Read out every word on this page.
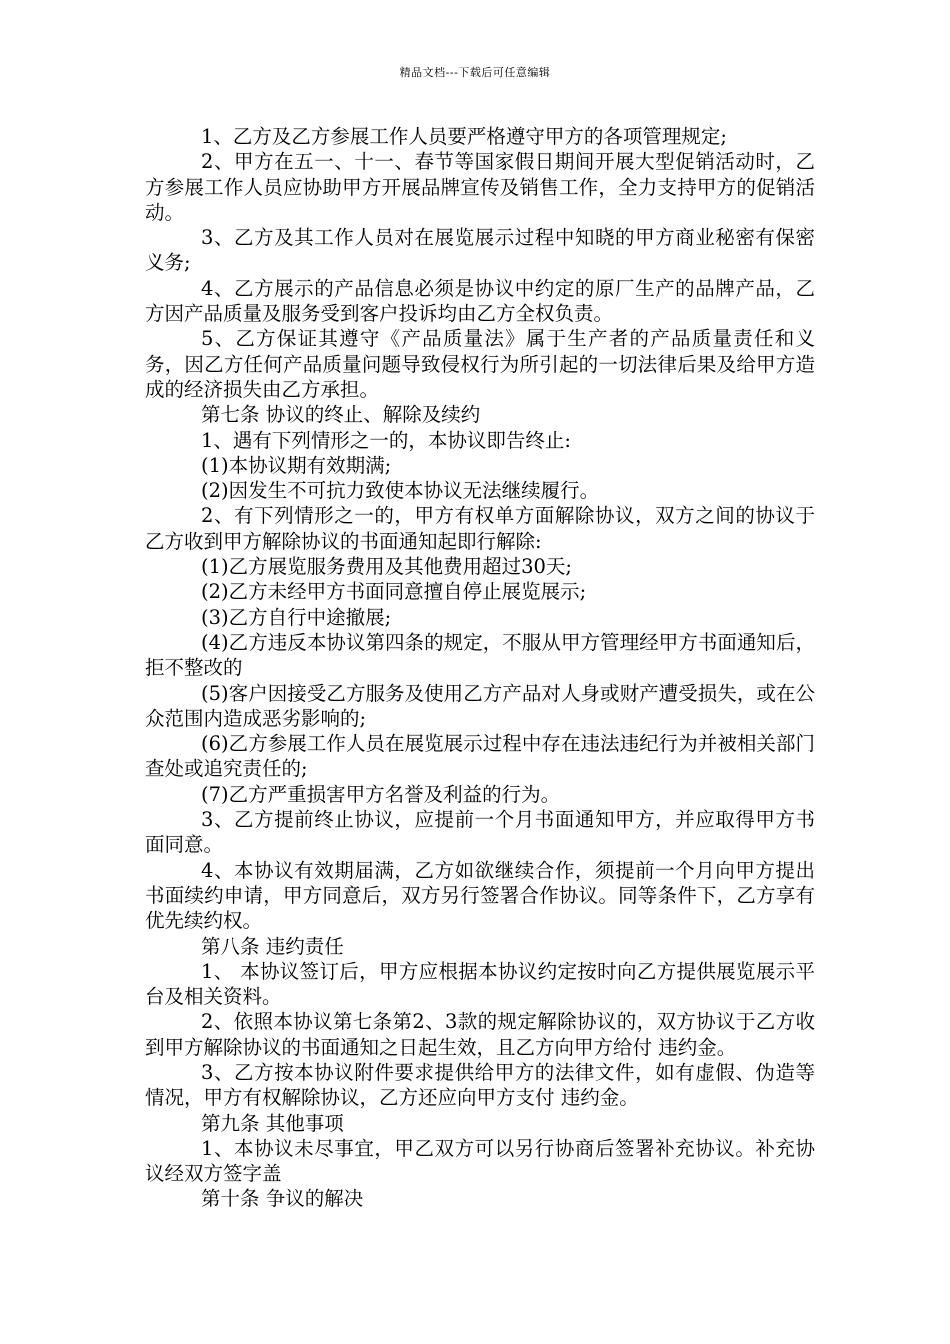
精品文档---下载后可任意编辑

1、乙方及乙方参展工作人员要严格遵守甲方的各项管理规定;

2、甲方在五一、十一、春节等国家假日期间开展大型促销活动时，乙方参展工作人员应协助甲方开展品牌宣传及销售工作，全力支持甲方的促销活动。

3、乙方及其工作人员对在展览展示过程中知晓的甲方商业秘密有保密义务;

4、乙方展示的产品信息必须是协议中约定的原厂生产的品牌产品，乙方因产品质量及服务受到客户投诉均由乙方全权负责。

5、乙方保证其遵守《产品质量法》属于生产者的产品质量责任和义务，因乙方任何产品质量问题导致侵权行为所引起的一切法律后果及给甲方造成的经济损失由乙方承担。

第七条 协议的终止、解除及续约

1、遇有下列情形之一的，本协议即告终止:

(1)本协议期有效期满;

(2)因发生不可抗力致使本协议无法继续履行。

2、有下列情形之一的，甲方有权单方面解除协议，双方之间的协议于乙方收到甲方解除协议的书面通知起即行解除:

(1)乙方展览服务费用及其他费用超过30天;

(2)乙方未经甲方书面同意擅自停止展览展示;

(3)乙方自行中途撤展;

(4)乙方违反本协议第四条的规定，不服从甲方管理经甲方书面通知后，拒不整改的

(5)客户因接受乙方服务及使用乙方产品对人身或财产遭受损失，或在公众范围内造成恶劣影响的;

(6)乙方参展工作人员在展览展示过程中存在违法违纪行为并被相关部门查处或追究责任的;

(7)乙方严重损害甲方名誉及利益的行为。

3、乙方提前终止协议，应提前一个月书面通知甲方，并应取得甲方书面同意。

4、本协议有效期届满，乙方如欲继续合作，须提前一个月向甲方提出书面续约申请，甲方同意后，双方另行签署合作协议。同等条件下，乙方享有优先续约权。

第八条 违约责任

1、 本协议签订后，甲方应根据本协议约定按时向乙方提供展览展示平台及相关资料。

2、依照本协议第七条第2、3款的规定解除协议的，双方协议于乙方收到甲方解除协议的书面通知之日起生效，且乙方向甲方给付 违约金。

3、乙方按本协议附件要求提供给甲方的法律文件，如有虚假、伪造等情况，甲方有权解除协议，乙方还应向甲方支付 违约金。

第九条 其他事项

1、本协议未尽事宜，甲乙双方可以另行协商后签署补充协议。补充协议经双方签字盖

第十条 争议的解决
